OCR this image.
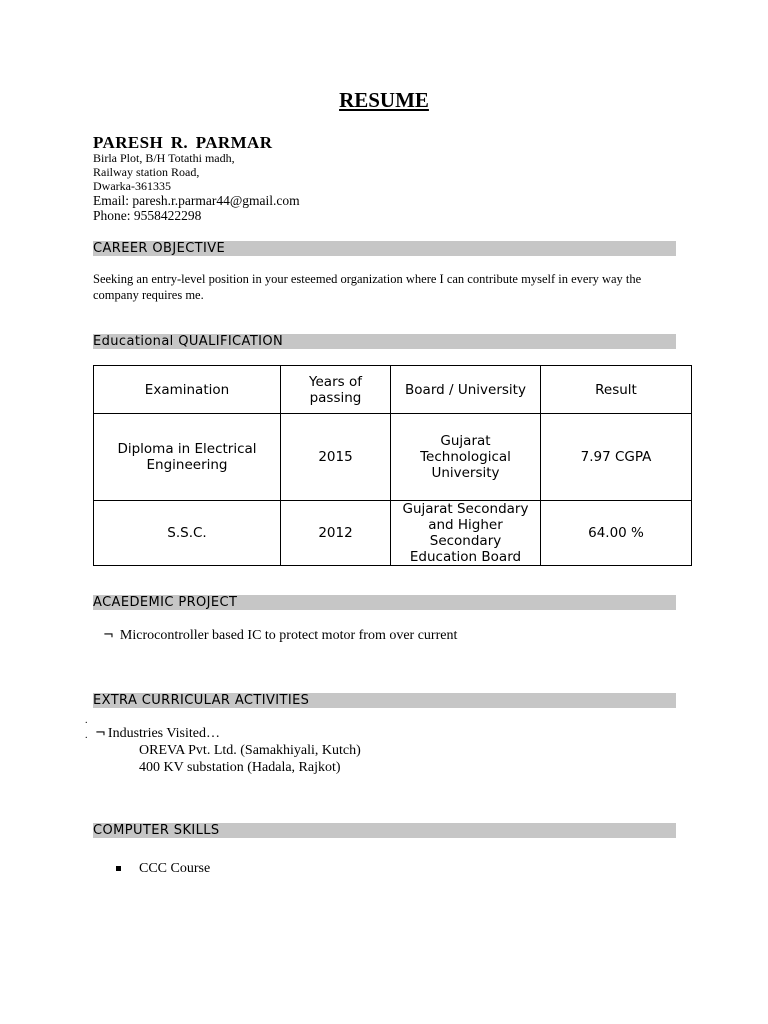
RESUME
PARESH R. PARMAR
Birla Plot, B/H Totathi madh,
Railway station Road,
Dwarka-361335
Email: paresh.r.parmar44@gmail.com
Phone: 9558422298
CAREER OBJECTIVE
Seeking an entry-level position in your esteemed organization where I can contribute myself in every way the company requires me.
Educational QUALIFICATION
Examination	Years of passing	Board / University	Result
Diploma in Electrical Engineering	2015	Gujarat Technological University	7.97 CGPA
S.S.C.	2012	Gujarat Secondary and Higher Secondary Education Board	64.00 %
ACAEDEMIC PROJECT
¬ Microcontroller based IC to protect motor from over current
EXTRA CURRICULAR ACTIVITIES
.
. ¬ Industries Visited…
OREVA Pvt. Ltd. (Samakhiyali, Kutch)
400 KV substation (Hadala, Rajkot)
COMPUTER SKILLS
CCC Course
